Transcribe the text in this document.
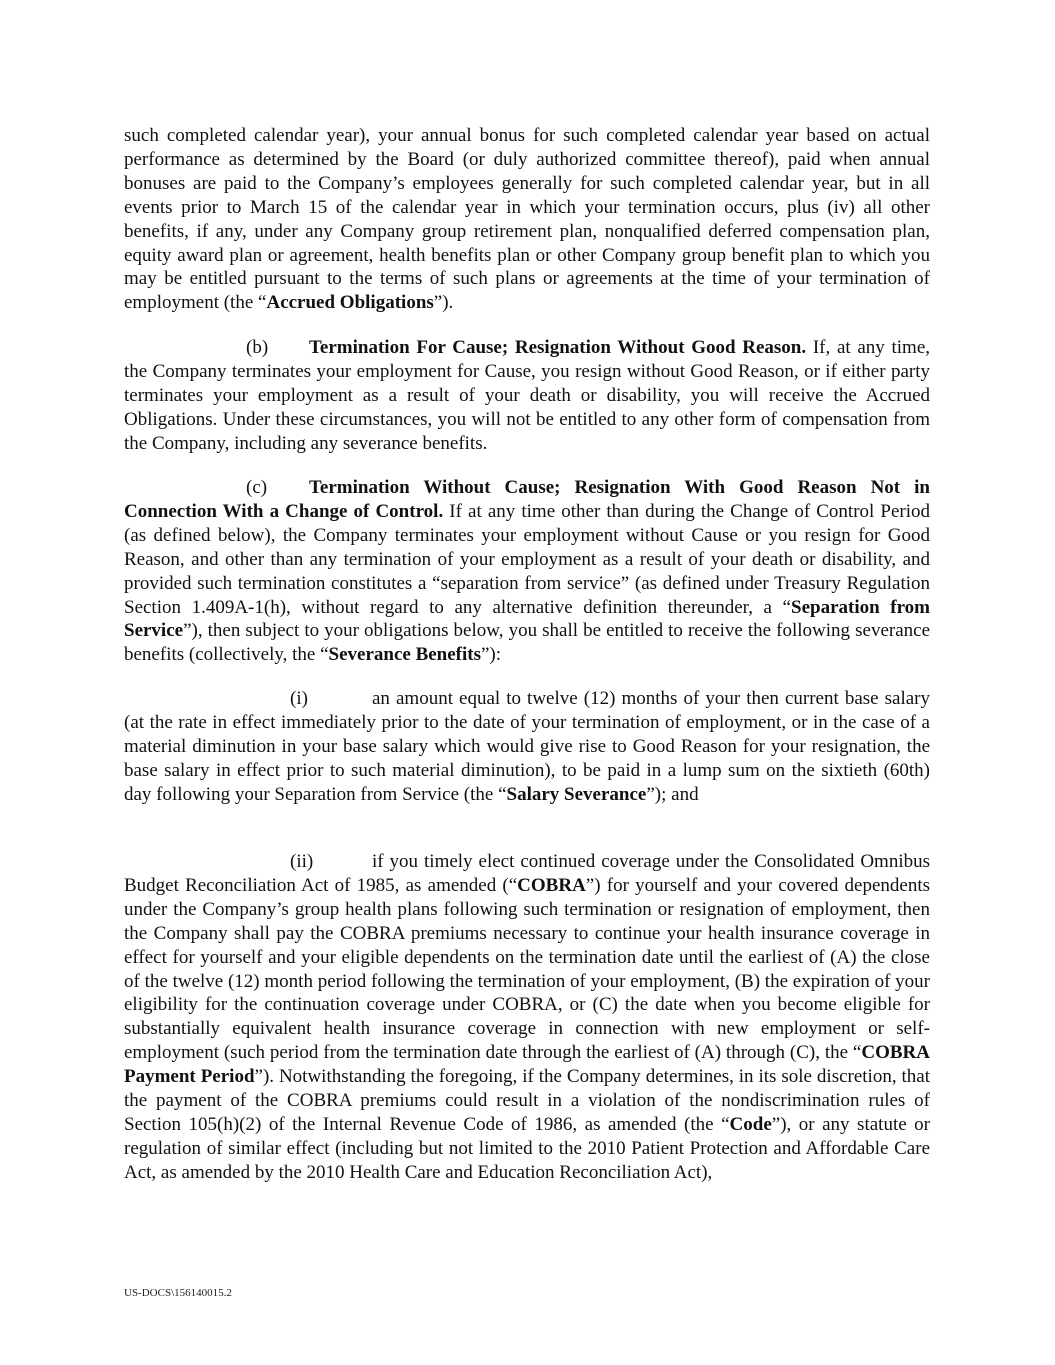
such completed calendar year), your annual bonus for such completed calendar year based on actual performance as determined by the Board (or duly authorized committee thereof), paid when annual bonuses are paid to the Company’s employees generally for such completed calendar year, but in all events prior to March 15 of the calendar year in which your termination occurs, plus (iv) all other benefits, if any, under any Company group retirement plan, nonqualified deferred compensation plan, equity award plan or agreement, health benefits plan or other Company group benefit plan to which you may be entitled pursuant to the terms of such plans or agreements at the time of your termination of employment (the “Accrued Obligations”).

(b) Termination For Cause; Resignation Without Good Reason. If, at any time, the Company terminates your employment for Cause, you resign without Good Reason, or if either party terminates your employment as a result of your death or disability, you will receive the Accrued Obligations. Under these circumstances, you will not be entitled to any other form of compensation from the Company, including any severance benefits.

(c) Termination Without Cause; Resignation With Good Reason Not in Connection With a Change of Control. If at any time other than during the Change of Control Period (as defined below), the Company terminates your employment without Cause or you resign for Good Reason, and other than any termination of your employment as a result of your death or disability, and provided such termination constitutes a “separation from service” (as defined under Treasury Regulation Section 1.409A-1(h), without regard to any alternative definition thereunder, a “Separation from Service”), then subject to your obligations below, you shall be entitled to receive the following severance benefits (collectively, the “Severance Benefits”):

(i)	an amount equal to twelve (12) months of your then current base salary (at the rate in effect immediately prior to the date of your termination of employment, or in the case of a material diminution in your base salary which would give rise to Good Reason for your resignation, the base salary in effect prior to such material diminution), to be paid in a lump sum on the sixtieth (60th) day following your Separation from Service (the “Salary Severance”); and

(ii)	if you timely elect continued coverage under the Consolidated Omnibus Budget Reconciliation Act of 1985, as amended (“COBRA”) for yourself and your covered dependents under the Company’s group health plans following such termination or resignation of employment, then the Company shall pay the COBRA premiums necessary to continue your health insurance coverage in effect for yourself and your eligible dependents on the termination date until the earliest of (A) the close of the twelve (12) month period following the termination of your employment, (B) the expiration of your eligibility for the continuation coverage under COBRA, or (C) the date when you become eligible for substantially equivalent health insurance coverage in connection with new employment or self-employment (such period from the termination date through the earliest of (A) through (C), the “COBRA Payment Period”). Notwithstanding the foregoing, if the Company determines, in its sole discretion, that the payment of the COBRA premiums could result in a violation of the nondiscrimination rules of Section 105(h)(2) of the Internal Revenue Code of 1986, as amended (the “Code”), or any statute or regulation of similar effect (including but not limited to the 2010 Patient Protection and Affordable Care Act, as amended by the 2010 Health Care and Education Reconciliation Act),

US-DOCS\156140015.2
